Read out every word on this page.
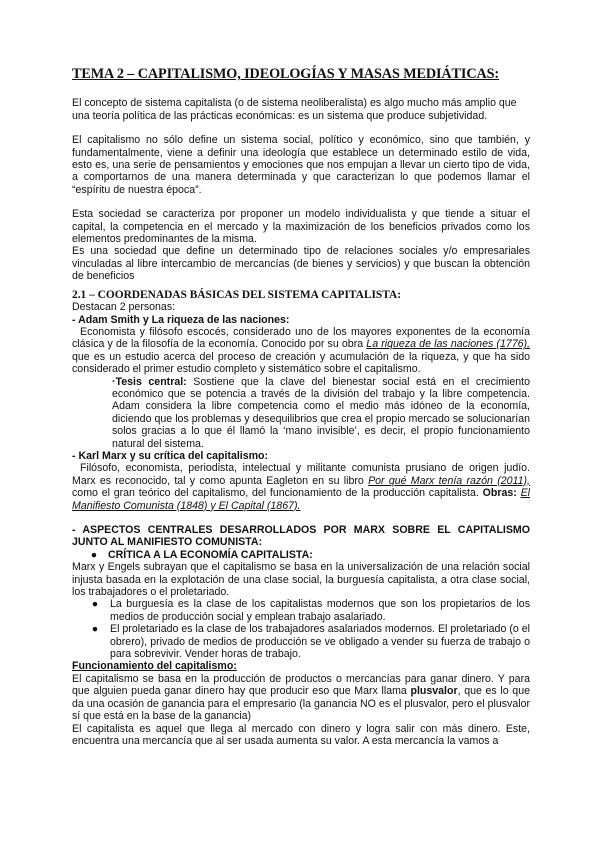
TEMA 2 – CAPITALISMO, IDEOLOGÍAS Y MASAS MEDIÁTICAS:

El concepto de sistema capitalista (o de sistema neoliberalista) es algo mucho más amplio que una teoría política de las prácticas económicas: es un sistema que produce subjetividad.

El capitalismo no sólo define un sistema social, político y económico, sino que también, y fundamentalmente, viene a definir una ideología que establece un determinado estilo de vida, esto es, una serie de pensamientos y emociones que nos empujan a llevar un cierto tipo de vida, a comportarnos de una manera determinada y que caracterizan lo que podemos llamar el “espíritu de nuestra época”.

Esta sociedad se caracteriza por proponer un modelo individualista y que tiende a situar el capital, la competencia en el mercado y la maximización de los beneficios privados como los elementos predominantes de la misma.

Es una sociedad que define un determinado tipo de relaciones sociales y/o empresariales vinculadas al libre intercambio de mercancías (de bienes y servicios) y que buscan la obtención de beneficios

2.1 – COORDENADAS BÁSICAS DEL SISTEMA CAPITALISTA:

Destacan 2 personas:

- Adam Smith y La riqueza de las naciones:

Economista y filósofo escocés, considerado uno de los mayores exponentes de la economía clásica y de la filosofía de la economía. Conocido por su obra La riqueza de las naciones (1776), que es un estudio acerca del proceso de creación y acumulación de la riqueza, y que ha sido considerado el primer estudio completo y sistemático sobre el capitalismo.

·Tesis central: Sostiene que la clave del bienestar social está en el crecimiento económico que se potencia a través de la división del trabajo y la libre competencia. Adam considera la libre competencia como el medio más idóneo de la economía, diciendo que los problemas y desequilibrios que crea el propio mercado se solucionarían solos gracias a lo que él llamó la ‘mano invisible’, es decir, el propio funcionamiento natural del sistema.

- Karl Marx y su crítica del capitalismo:

Filósofo, economista, periodista, intelectual y militante comunista prusiano de origen judío. Marx es reconocido, tal y como apunta Eagleton en su libro Por qué Marx tenía razón (2011), como el gran teórico del capitalismo, del funcionamiento de la producción capitalista. Obras: El Manifiesto Comunista (1848) y El Capital (1867).

- ASPECTOS CENTRALES DESARROLLADOS POR MARX SOBRE EL CAPITALISMO JUNTO AL MANIFIESTO COMUNISTA:

●	CRÍTICA A LA ECONOMÍA CAPITALISTA:

Marx y Engels subrayan que el capitalismo se basa en la universalización de una relación social injusta basada en la explotación de una clase social, la burguesía capitalista, a otra clase social, los trabajadores o el proletariado.

●	La burguesía es la clase de los capitalistas modernos que son los propietarios de los medios de producción social y emplean trabajo asalariado.
●	El proletariado es la clase de los trabajadores asalariados modernos. El proletariado (o el obrero), privado de medios de producción se ve obligado a vender su fuerza de trabajo o para sobrevivir. Vender horas de trabajo.

Funcionamiento del capitalismo:

El capitalismo se basa en la producción de productos o mercancías para ganar dinero. Y para que alguien pueda ganar dinero hay que producir eso que Marx llama plusvalor, que es lo que da una ocasión de ganancia para el empresario (la ganancia NO es el plusvalor, pero el plusvalor sí que está en la base de la ganancia)

El capitalista es aquel que llega al mercado con dinero y logra salir con más dinero. Este, encuentra una mercancía que al ser usada aumenta su valor. A esta mercancía la vamos a
